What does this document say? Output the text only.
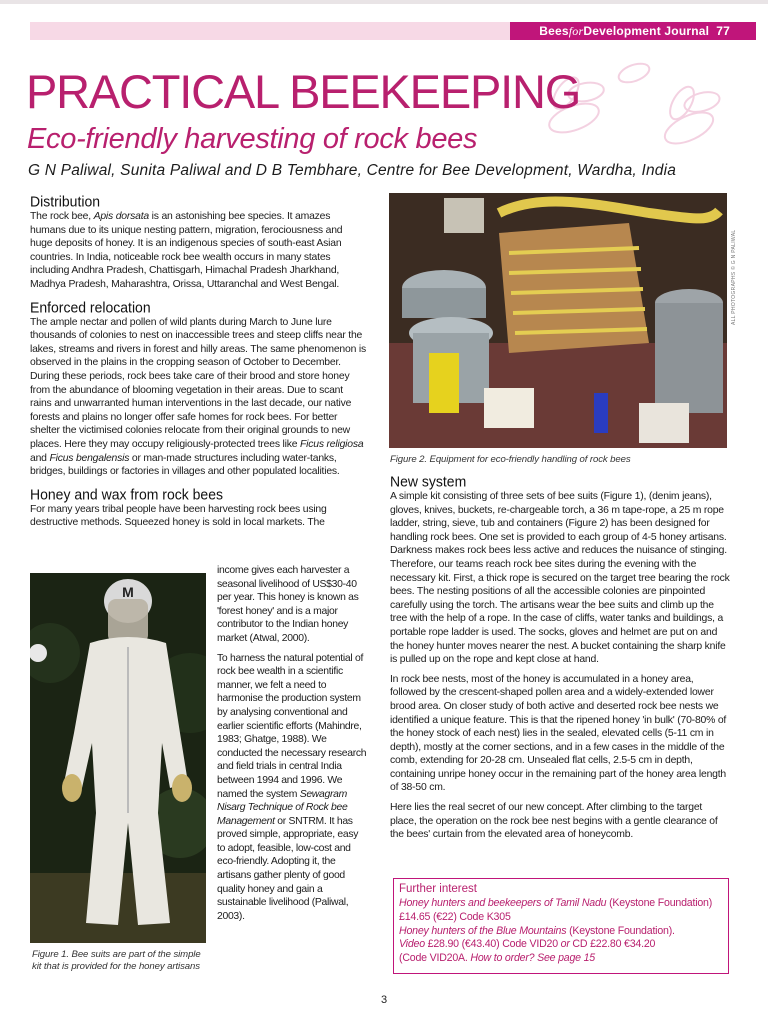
BeesforDevelopment Journal 77
PRACTICAL BEEKEEPING
Eco-friendly harvesting of rock bees
G N Paliwal, Sunita Paliwal and D B Tembhare, Centre for Bee Development, Wardha, India
Distribution

The rock bee, Apis dorsata is an astonishing bee species. It amazes humans due to its unique nesting pattern, migration, ferociousness and huge deposits of honey. It is an indigenous species of south-east Asian countries. In India, noticeable rock bee wealth occurs in many states including Andhra Pradesh, Chattisgarh, Himachal Pradesh Jharkhand, Madhya Pradesh, Maharashtra, Orissa, Uttaranchal and West Bengal.

Enforced relocation

The ample nectar and pollen of wild plants during March to June lure thousands of colonies to nest on inaccessible trees and steep cliffs near the lakes, streams and rivers in forest and hilly areas. The same phenomenon is observed in the plains in the cropping season of October to December. During these periods, rock bees take care of their brood and store honey from the abundance of blooming vegetation in their areas. Due to scant rains and unwarranted human interventions in the last decade, our native forests and plains no longer offer safe homes for rock bees. For better shelter the victimised colonies relocate from their original grounds to new places. Here they may occupy religiously-protected trees like Ficus religiosa and Ficus bengalensis or man-made structures including water-tanks, bridges, buildings or factories in villages and other populated localities.

Honey and wax from rock bees

For many years tribal people have been harvesting rock bees using destructive methods. Squeezed honey is sold in local markets. The

M
Figure 1. Bee suits are part of the simple kit that is provided for the honey artisans

income gives each harvester a seasonal livelihood of US$30-40 per year. This honey is known as 'forest honey' and is a major contributor to the Indian honey market (Atwal, 2000).

To harness the natural potential of rock bee wealth in a scientific manner, we felt a need to harmonise the production system by analysing conventional and earlier scientific efforts (Mahindre, 1983; Ghatge, 1988). We conducted the necessary research and field trials in central India between 1994 and 1996. We named the system Sewagram Nisarg Technique of Rock bee Management or SNTRM. It has proved simple, appropriate, easy to adopt, feasible, low-cost and eco-friendly. Adopting it, the artisans gather plenty of good quality honey and gain a sustainable livelihood (Paliwal, 2003).

ALL PHOTOGRAPHS © G N PALIWAL
Figure 2. Equipment for eco-friendly handling of rock bees
New system

A simple kit consisting of three sets of bee suits (Figure 1), (denim jeans), gloves, knives, buckets, re-chargeable torch, a 36 m tape-rope, a 25 m rope ladder, string, sieve, tub and containers (Figure 2) has been designed for handling rock bees. One set is provided to each group of 4-5 honey artisans. Darkness makes rock bees less active and reduces the nuisance of stinging. Therefore, our teams reach rock bee sites during the evening with the necessary kit. First, a thick rope is secured on the target tree bearing the rock bees. The nesting positions of all the accessible colonies are pinpointed carefully using the torch. The artisans wear the bee suits and climb up the tree with the help of a rope. In the case of cliffs, water tanks and buildings, a portable rope ladder is used. The socks, gloves and helmet are put on and the honey hunter moves nearer the nest. A bucket containing the sharp knife is pulled up on the rope and kept close at hand.

In rock bee nests, most of the honey is accumulated in a honey area, followed by the crescent-shaped pollen area and a widely-extended lower brood area. On closer study of both active and deserted rock bee nests we identified a unique feature. This is that the ripened honey 'in bulk' (70-80% of the honey stock of each nest) lies in the sealed, elevated cells (5-11 cm in depth), mostly at the corner sections, and in a few cases in the middle of the comb, extending for 20-28 cm. Unsealed flat cells, 2.5-5 cm in depth, containing unripe honey occur in the remaining part of the honey area length of 38-50 cm.

Here lies the real secret of our new concept. After climbing to the target place, the operation on the rock bee nest begins with a gentle clearance of the bees' curtain from the elevated area of honeycomb.

Further interest
Honey hunters and beekeepers of Tamil Nadu (Keystone Foundation)
£14.65 (€22) Code K305
Honey hunters of the Blue Mountains (Keystone Foundation).
Video £28.90 (€43.40) Code VID20 or CD £22.80 €34.20
(Code VID20A. How to order? See page 15
3
